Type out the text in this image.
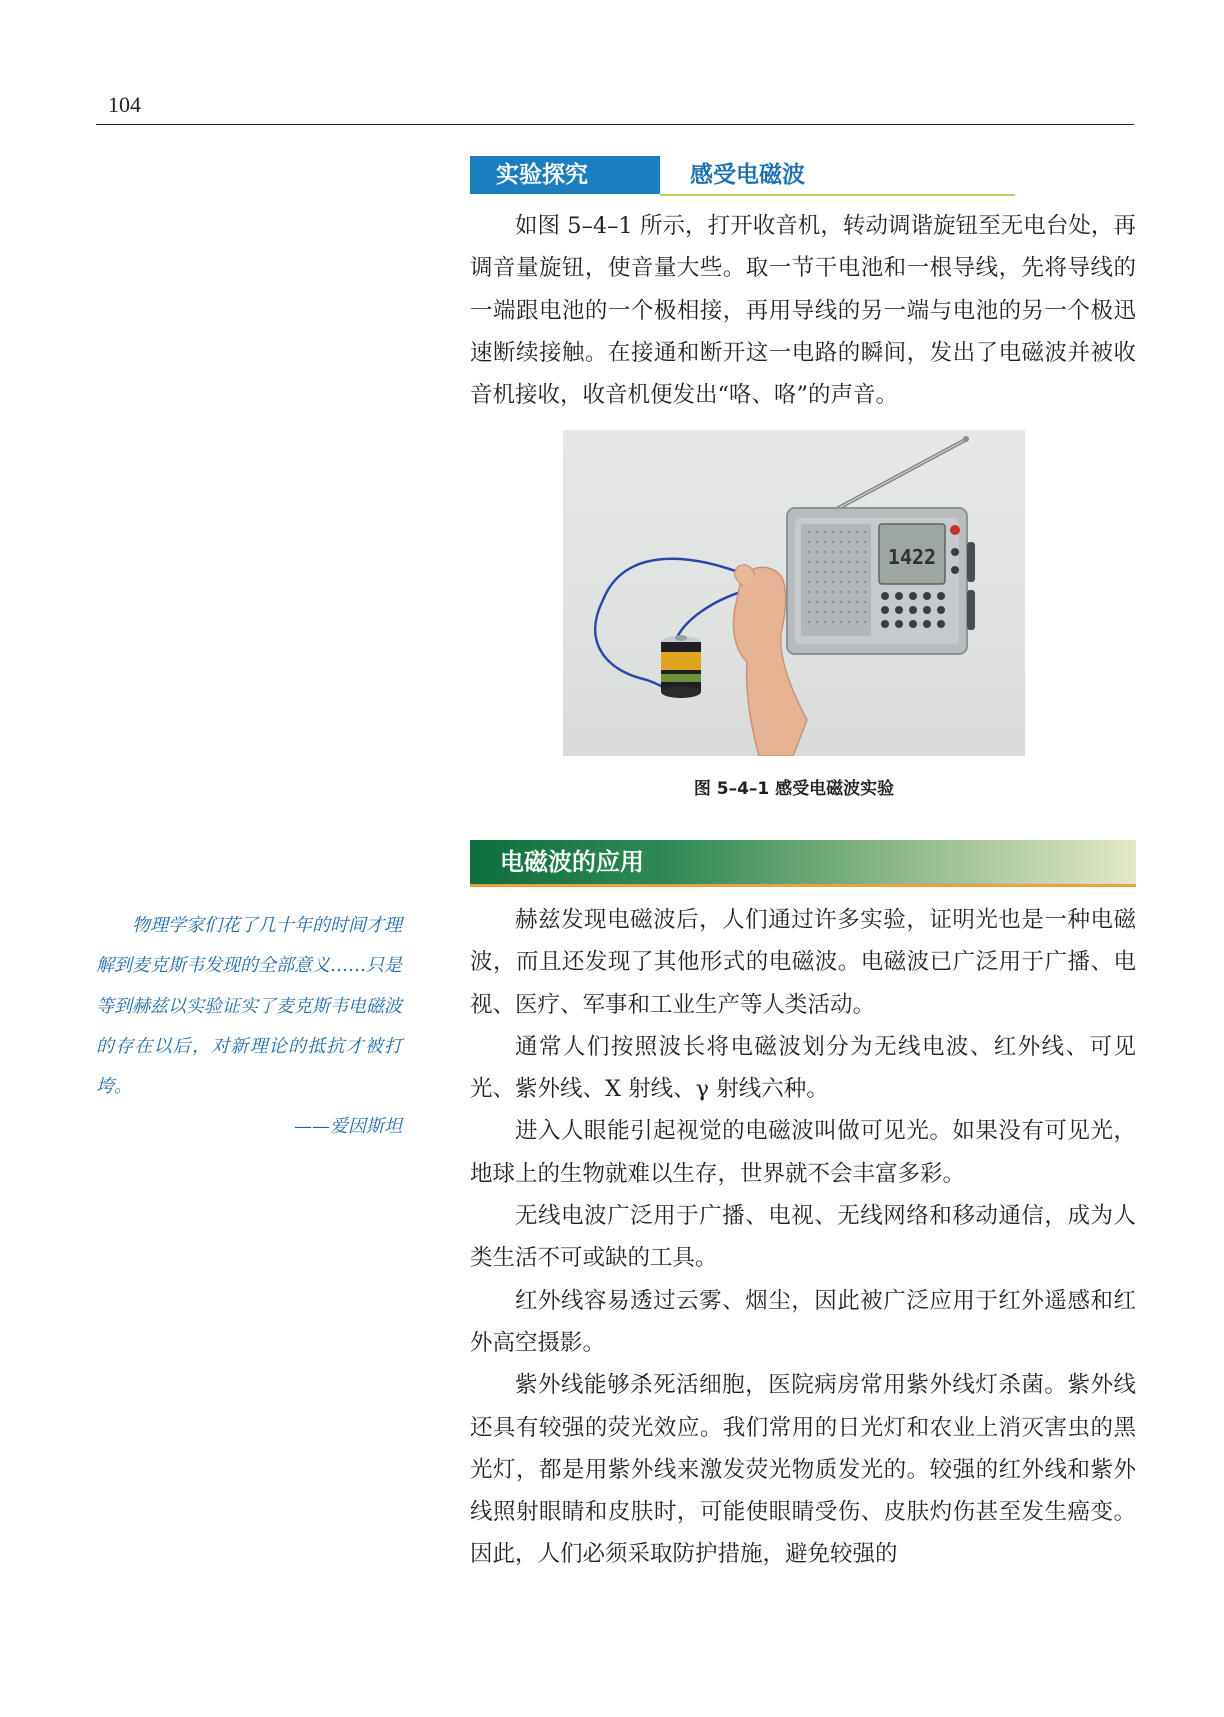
104
实验探究	感受电磁波

如图 5–4–1 所示，打开收音机，转动调谐旋钮至无电台处，再调音量旋钮，使音量大些。取一节干电池和一根导线，先将导线的一端跟电池的一个极相接，再用导线的另一端与电池的另一个极迅速断续接触。在接通和断开这一电路的瞬间，发出了电磁波并被收音机接收，收音机便发出“咯、咯”的声音。

1422
图 5–4–1 感受电磁波实验
电磁波的应用

赫兹发现电磁波后，人们通过许多实验，证明光也是一种电磁波，而且还发现了其他形式的电磁波。电磁波已广泛用于广播、电视、医疗、军事和工业生产等人类活动。

通常人们按照波长将电磁波划分为无线电波、红外线、可见光、紫外线、X 射线、γ 射线六种。

进入人眼能引起视觉的电磁波叫做可见光。如果没有可见光，地球上的生物就难以生存，世界就不会丰富多彩。

无线电波广泛用于广播、电视、无线网络和移动通信，成为人类生活不可或缺的工具。

红外线容易透过云雾、烟尘，因此被广泛应用于红外遥感和红外高空摄影。

紫外线能够杀死活细胞，医院病房常用紫外线灯杀菌。紫外线还具有较强的荧光效应。我们常用的日光灯和农业上消灭害虫的黑光灯，都是用紫外线来激发荧光物质发光的。较强的红外线和紫外线照射眼睛和皮肤时，可能使眼睛受伤、皮肤灼伤甚至发生癌变。因此，人们必须采取防护措施，避免较强的

物理学家们花了几十年的时间才理解到麦克斯韦发现的全部意义……只是等到赫兹以实验证实了麦克斯韦电磁波的存在以后，对新理论的抵抗才被打垮。

——爱因斯坦
